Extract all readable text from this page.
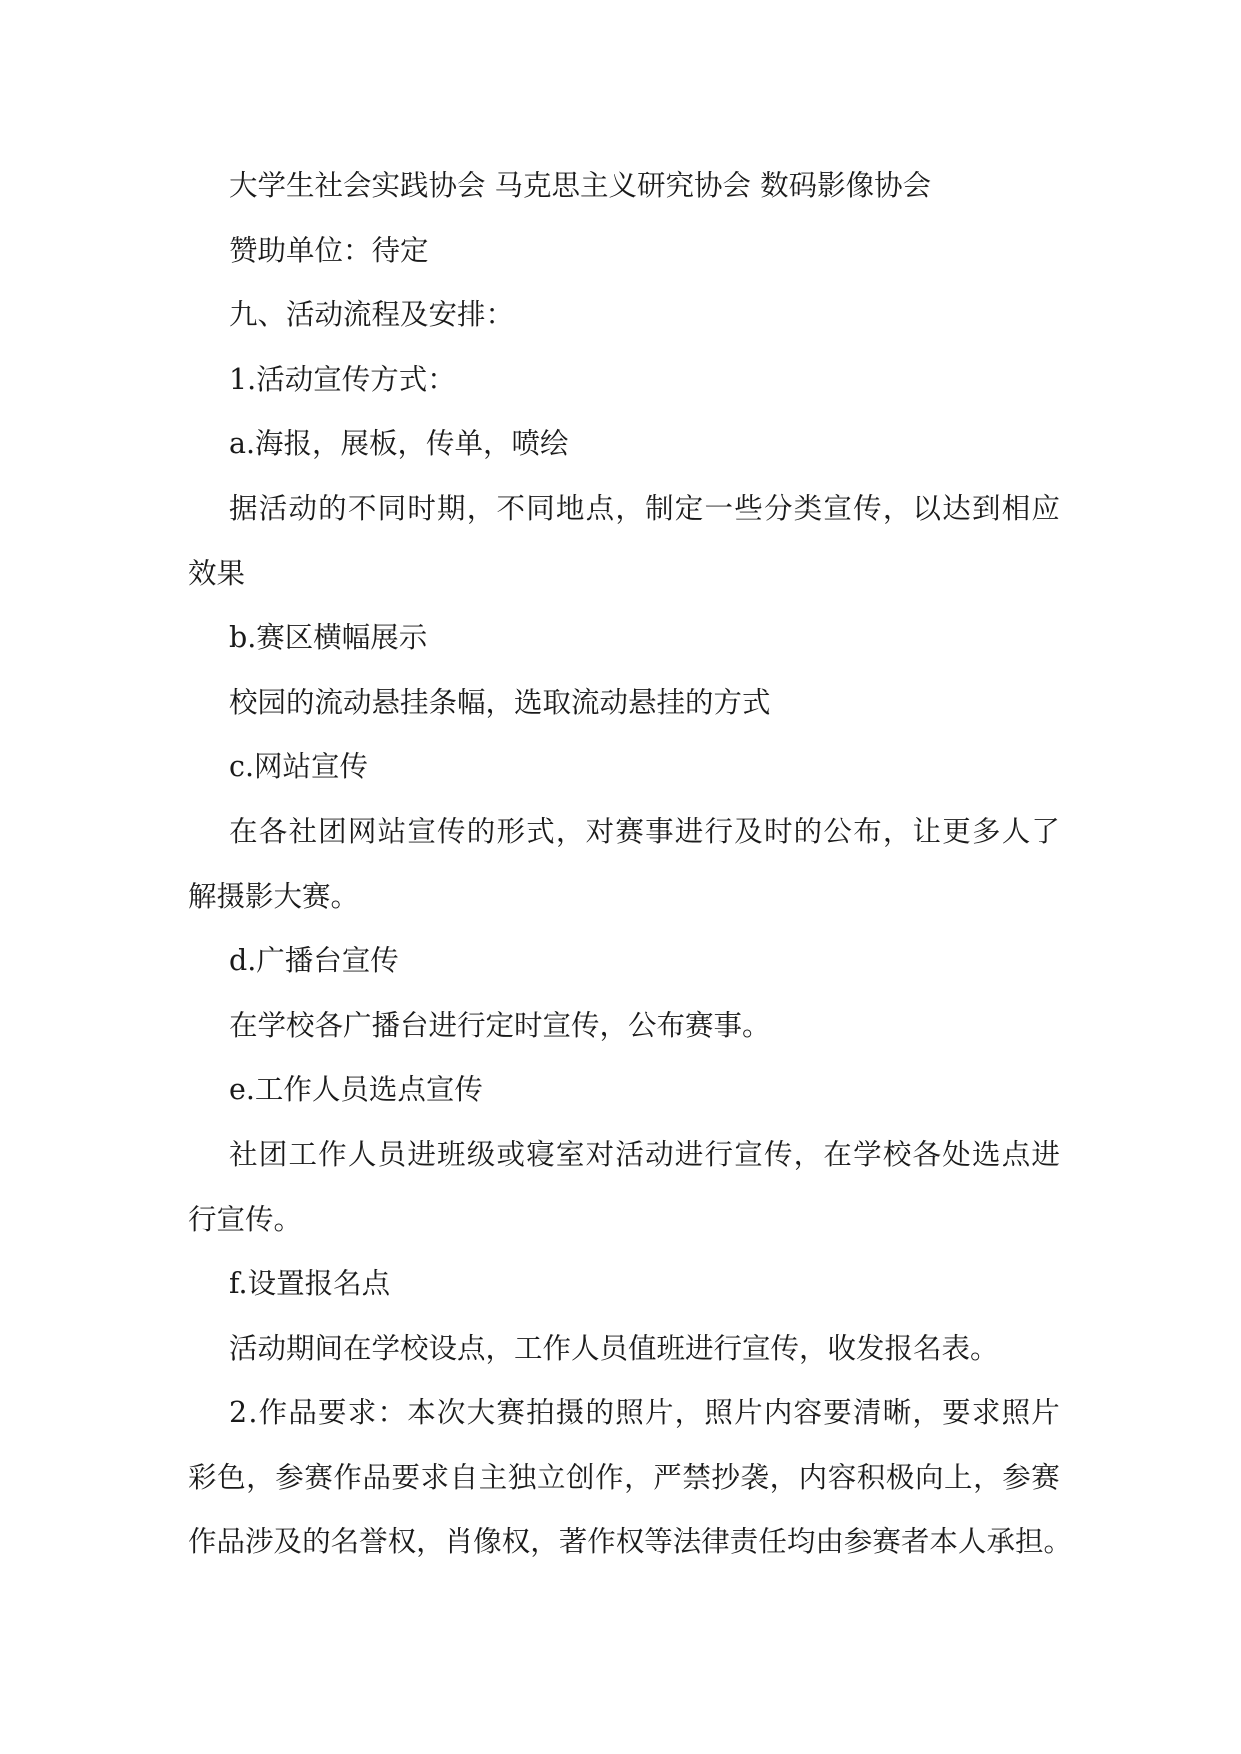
大学生社会实践协会 马克思主义研究协会 数码影像协会
赞助单位：待定
九、活动流程及安排：
1.活动宣传方式：
a.海报，展板，传单，喷绘
据 活 动 的 不 同 时 期 ， 不 同 地 点 ， 制 定 一 些 分 类 宣 传 ， 以 达 到 相 应
效果
b.赛区横幅展示
校园的流动悬挂条幅，选取流动悬挂的方式
c.网站宣传
在 各 社 团 网 站 宣 传 的 形 式 ， 对 赛 事 进 行 及 时 的 公 布 ， 让 更 多 人 了
解摄影大赛。
d.广播台宣传
在学校各广播台进行定时宣传，公布赛事。
e.工作人员选点宣传
社 团 工 作 人 员 进 班 级 或 寝 室 对 活 动 进 行 宣 传 ， 在 学 校 各 处 选 点 进
行宣传。
f.设置报名点
活动期间在学校设点，工作人员值班进行宣传，收发报名表。
2 . 作 品 要 求 ： 本 次 大 赛 拍 摄 的 照 片 ， 照 片 内 容 要 清 晰 ， 要 求 照 片
彩 色 ， 参 赛 作 品 要 求 自 主 独 立 创 作 ， 严 禁 抄 袭 ， 内 容 积 极 向 上 ， 参 赛
作 品 涉 及 的 名 誉 权 ， 肖 像 权 ， 著 作 权 等 法 律 责 任 均 由 参 赛 者 本 人 承 担 。
